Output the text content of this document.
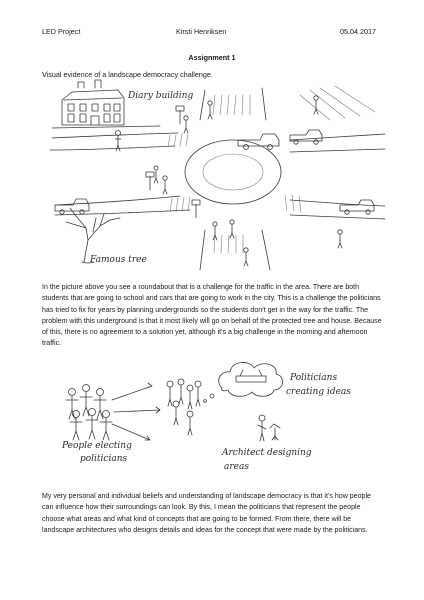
LED Project	Kirsti Henriksen	05.04.2017
Assignment 1
Visual evidence of a landscape democracy challenge.
Diary building
Famous tree

In the picture above you see a roundabout that is a challenge for the traffic in the area. There are both students that are going to school and cars that are going to work in the city. This is a challenge the politicians has tried to fix for years by planning undergrounds so the students don’t get in the way for the traffic. The problem with this underground is that it most likely will go on behalf of the protected tree and house. Because of this, there is no agreement to a solution yet, although it’s a big challenge in the morning and afternoon traffic.

Politicians
creating ideas
People electing
politicians
Architect designing
areas

My very personal and individual beliefs and understanding of landscape democracy is that it’s how people can influence how their surroundings can look. By this, I mean the politicians that represent the people choose what areas and what kind of concepts that are going to be formed. From there, there will be landscape architectures who designs details and ideas for the concept that were made by the politicians.
